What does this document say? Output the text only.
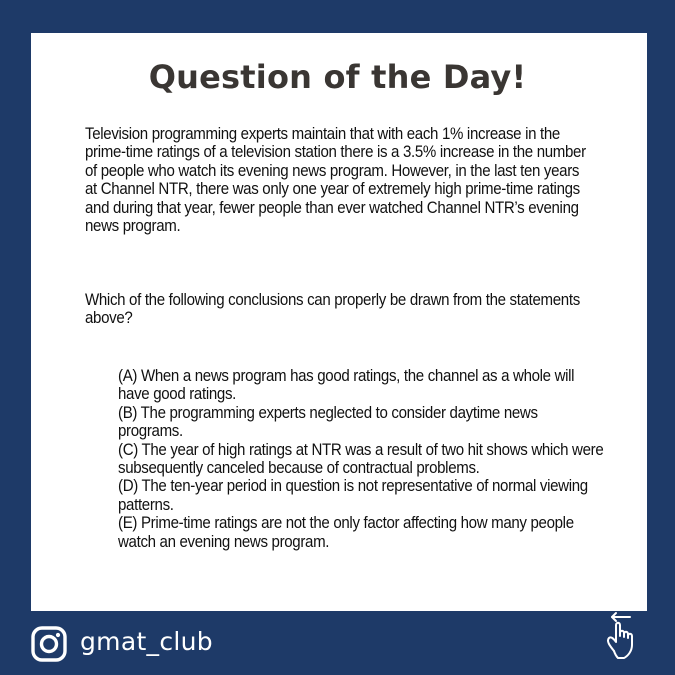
Question of the Day!
Television programming experts maintain that with each 1% increase in the prime-time ratings of a television station there is a 3.5% increase in the number of people who watch its evening news program. However, in the last ten years at Channel NTR, there was only one year of extremely high prime-time ratings and during that year, fewer people than ever watched Channel NTR’s evening news program.
Which of the following conclusions can properly be drawn from the statements above?
(A) When a news program has good ratings, the channel as a whole will have good ratings.
(B) The programming experts neglected to consider daytime news programs.
(C) The year of high ratings at NTR was a result of two hit shows which were subsequently canceled because of contractual problems.
(D) The ten-year period in question is not representative of normal viewing patterns.
(E) Prime-time ratings are not the only factor affecting how many people watch an evening news program.
gmat_club
